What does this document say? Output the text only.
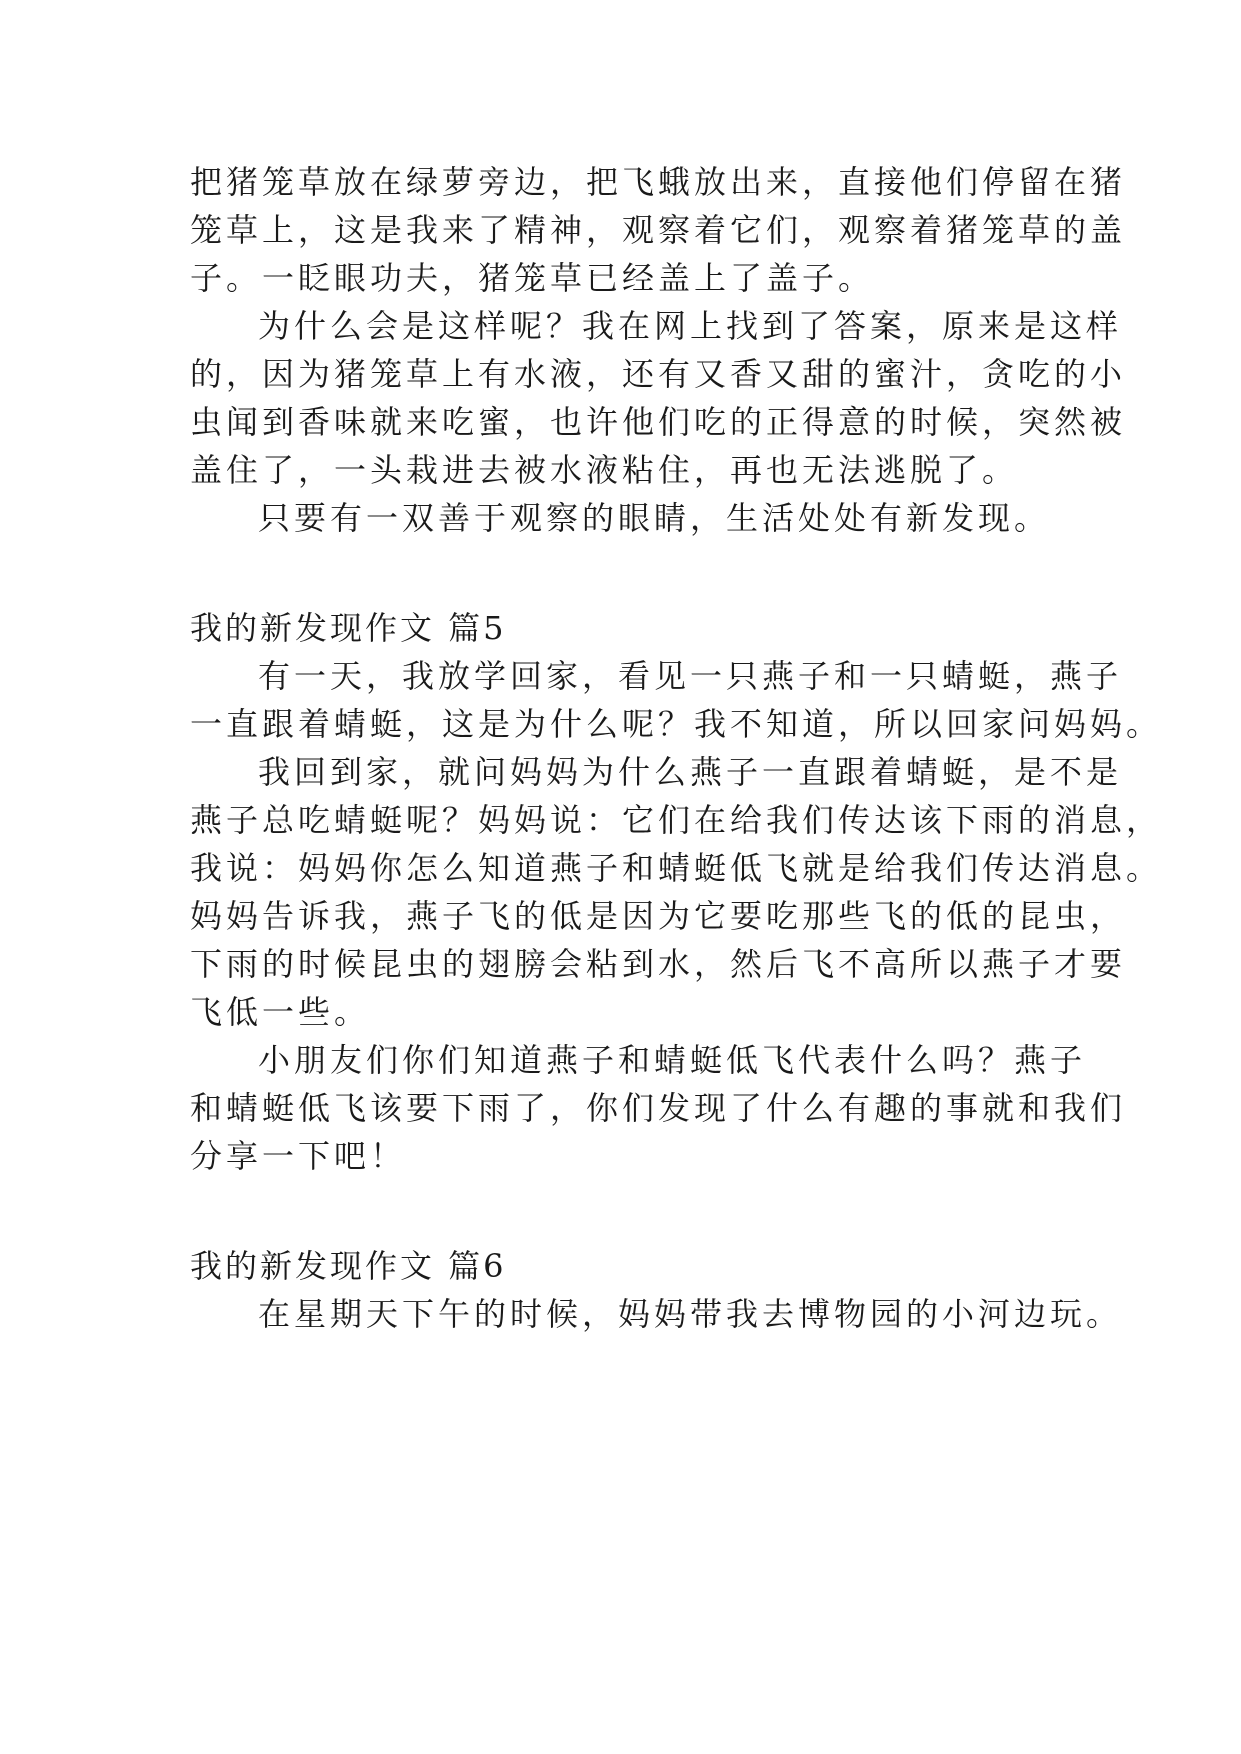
把猪笼草放在绿萝旁边，把飞蛾放出来，直接他们停留在猪
笼草上，这是我来了精神，观察着它们，观察着猪笼草的盖
子。一眨眼功夫，猪笼草已经盖上了盖子。
为什么会是这样呢？我在网上找到了答案，原来是这样
的，因为猪笼草上有水液，还有又香又甜的蜜汁，贪吃的小
虫闻到香味就来吃蜜，也许他们吃的正得意的时候，突然被
盖住了，一头栽进去被水液粘住，再也无法逃脱了。
只要有一双善于观察的眼睛，生活处处有新发现。
我的新发现作文 篇5
有一天，我放学回家，看见一只燕子和一只蜻蜓，燕子
一直跟着蜻蜓，这是为什么呢？我不知道，所以回家问妈妈。
我回到家，就问妈妈为什么燕子一直跟着蜻蜓，是不是
燕子总吃蜻蜓呢？妈妈说：它们在给我们传达该下雨的消息，
我说：妈妈你怎么知道燕子和蜻蜓低飞就是给我们传达消息。
妈妈告诉我，燕子飞的低是因为它要吃那些飞的低的昆虫，
下雨的时候昆虫的翅膀会粘到水，然后飞不高所以燕子才要
飞低一些。
小朋友们你们知道燕子和蜻蜓低飞代表什么吗？燕子
和蜻蜓低飞该要下雨了，你们发现了什么有趣的事就和我们
分享一下吧！
我的新发现作文 篇6
在星期天下午的时候，妈妈带我去博物园的小河边玩。
